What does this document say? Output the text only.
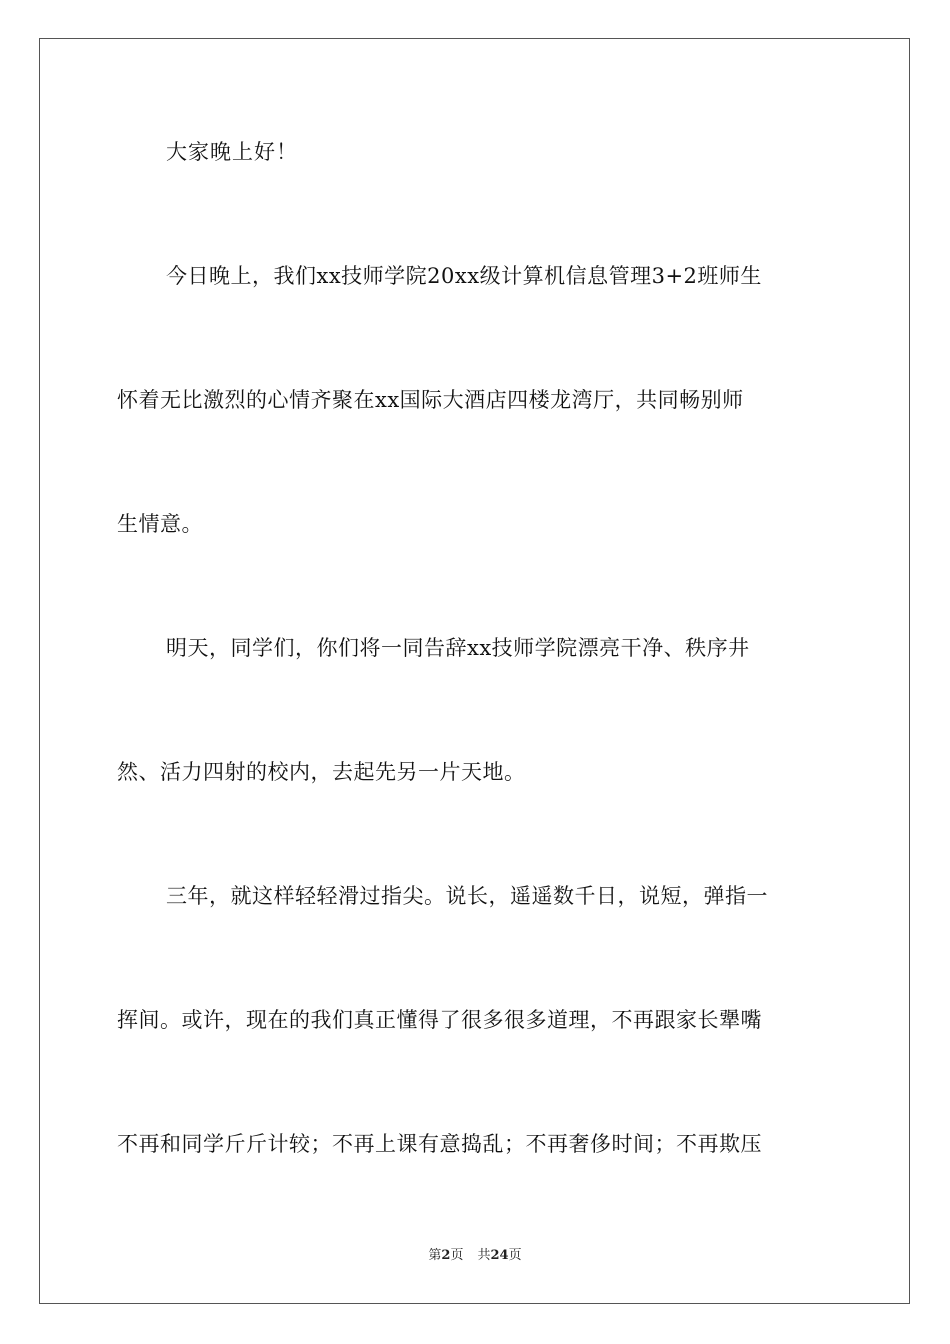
大家晚上好！
今日晚上，我们xx技师学院20xx级计算机信息管理3+2班师生
怀着无比激烈的心情齐聚在xx国际大酒店四楼龙湾厅，共同畅别师
生情意。
明天，同学们，你们将一同告辞xx技师学院漂亮干净、秩序井
然、活力四射的校内，去起先另一片天地。
三年，就这样轻轻滑过指尖。说长，遥遥数千日，说短，弹指一
挥间。或许，现在的我们真正懂得了很多很多道理，不再跟家长犟嘴
不再和同学斤斤计较；不再上课有意捣乱；不再奢侈时间；不再欺压
第2页 共24页
